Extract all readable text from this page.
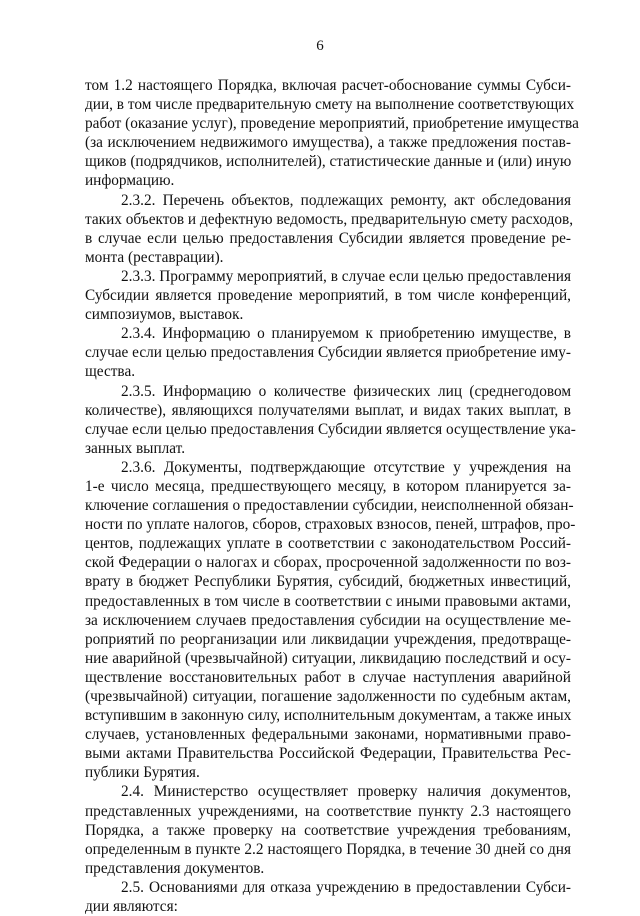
6
том 1.2 настоящего Порядка, включая расчет-обоснование суммы Субси-
дии, в том числе предварительную смету на выполнение соответствующих
работ (оказание услуг), проведение мероприятий, приобретение имущества
(за исключением недвижимого имущества), а также предложения постав-
щиков (подрядчиков, исполнителей), статистические данные и (или) иную
информацию.
2.3.2. Перечень объектов, подлежащих ремонту, акт обследования
таких объектов и дефектную ведомость, предварительную смету расходов,
в случае если целью предоставления Субсидии является проведение ре-
монта (реставрации).
2.3.3. Программу мероприятий, в случае если целью предоставления
Субсидии является проведение мероприятий, в том числе конференций,
симпозиумов, выставок.
2.3.4. Информацию о планируемом к приобретению имуществе, в
случае если целью предоставления Субсидии является приобретение иму-
щества.
2.3.5. Информацию о количестве физических лиц (среднегодовом
количестве), являющихся получателями выплат, и видах таких выплат, в
случае если целью предоставления Субсидии является осуществление ука-
занных выплат.
2.3.6. Документы, подтверждающие отсутствие у учреждения на
1-е число месяца, предшествующего месяцу, в котором планируется за-
ключение соглашения о предоставлении субсидии, неисполненной обязан-
ности по уплате налогов, сборов, страховых взносов, пеней, штрафов, про-
центов, подлежащих уплате в соответствии с законодательством Россий-
ской Федерации о налогах и сборах, просроченной задолженности по воз-
врату в бюджет Республики Бурятия, субсидий, бюджетных инвестиций,
предоставленных в том числе в соответствии с иными правовыми актами,
за исключением случаев предоставления субсидии на осуществление ме-
роприятий по реорганизации или ликвидации учреждения, предотвраще-
ние аварийной (чрезвычайной) ситуации, ликвидацию последствий и осу-
ществление восстановительных работ в случае наступления аварийной
(чрезвычайной) ситуации, погашение задолженности по судебным актам,
вступившим в законную силу, исполнительным документам, а также иных
случаев, установленных федеральными законами, нормативными право-
выми актами Правительства Российской Федерации, Правительства Рес-
публики Бурятия.
2.4. Министерство осуществляет проверку наличия документов,
представленных учреждениями, на соответствие пункту 2.3 настоящего
Порядка, а также проверку на соответствие учреждения требованиям,
определенным в пункте 2.2 настоящего Порядка, в течение 30 дней со дня
представления документов.
2.5. Основаниями для отказа учреждению в предоставлении Субси-
дии являются:
